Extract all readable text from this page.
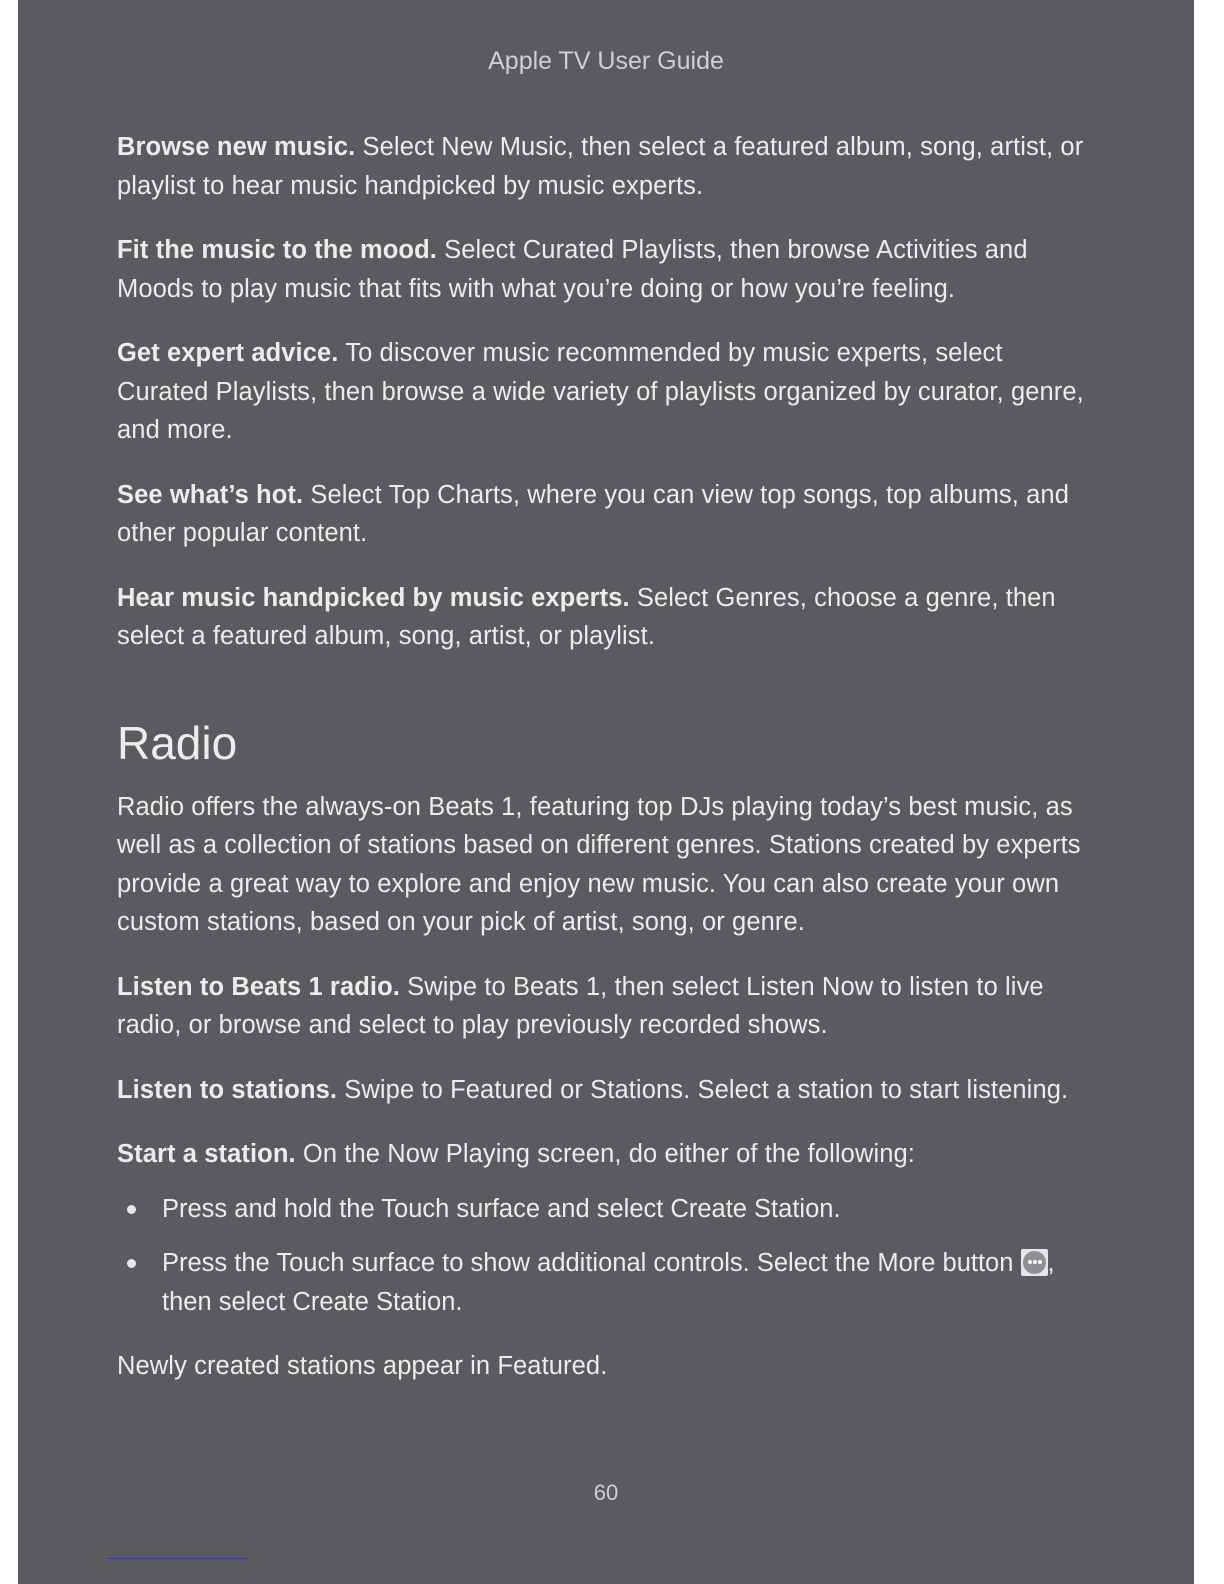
Apple TV User Guide

Browse new music. Select New Music, then select a featured album, song, artist, or playlist to hear music handpicked by music experts.

Fit the music to the mood. Select Curated Playlists, then browse Activities and Moods to play music that fits with what you’re doing or how you’re feeling.

Get expert advice. To discover music recommended by music experts, select Curated Playlists, then browse a wide variety of playlists organized by curator, genre, and more.

See what’s hot. Select Top Charts, where you can view top songs, top albums, and other popular content.

Hear music handpicked by music experts. Select Genres, choose a genre, then select a featured album, song, artist, or playlist.

Radio

Radio offers the always-on Beats 1, featuring top DJs playing today’s best music, as well as a collection of stations based on different genres. Stations created by experts provide a great way to explore and enjoy new music. You can also create your own custom stations, based on your pick of artist, song, or genre.

Listen to Beats 1 radio. Swipe to Beats 1, then select Listen Now to listen to live radio, or browse and select to play previously recorded shows.

Listen to stations. Swipe to Featured or Stations. Select a station to start listening.

Start a station. On the Now Playing screen, do either of the following:

Press and hold the Touch surface and select Create Station.
Press the Touch surface to show additional controls. Select the More button
, then select Create Station.

Newly created stations appear in Featured.

60
